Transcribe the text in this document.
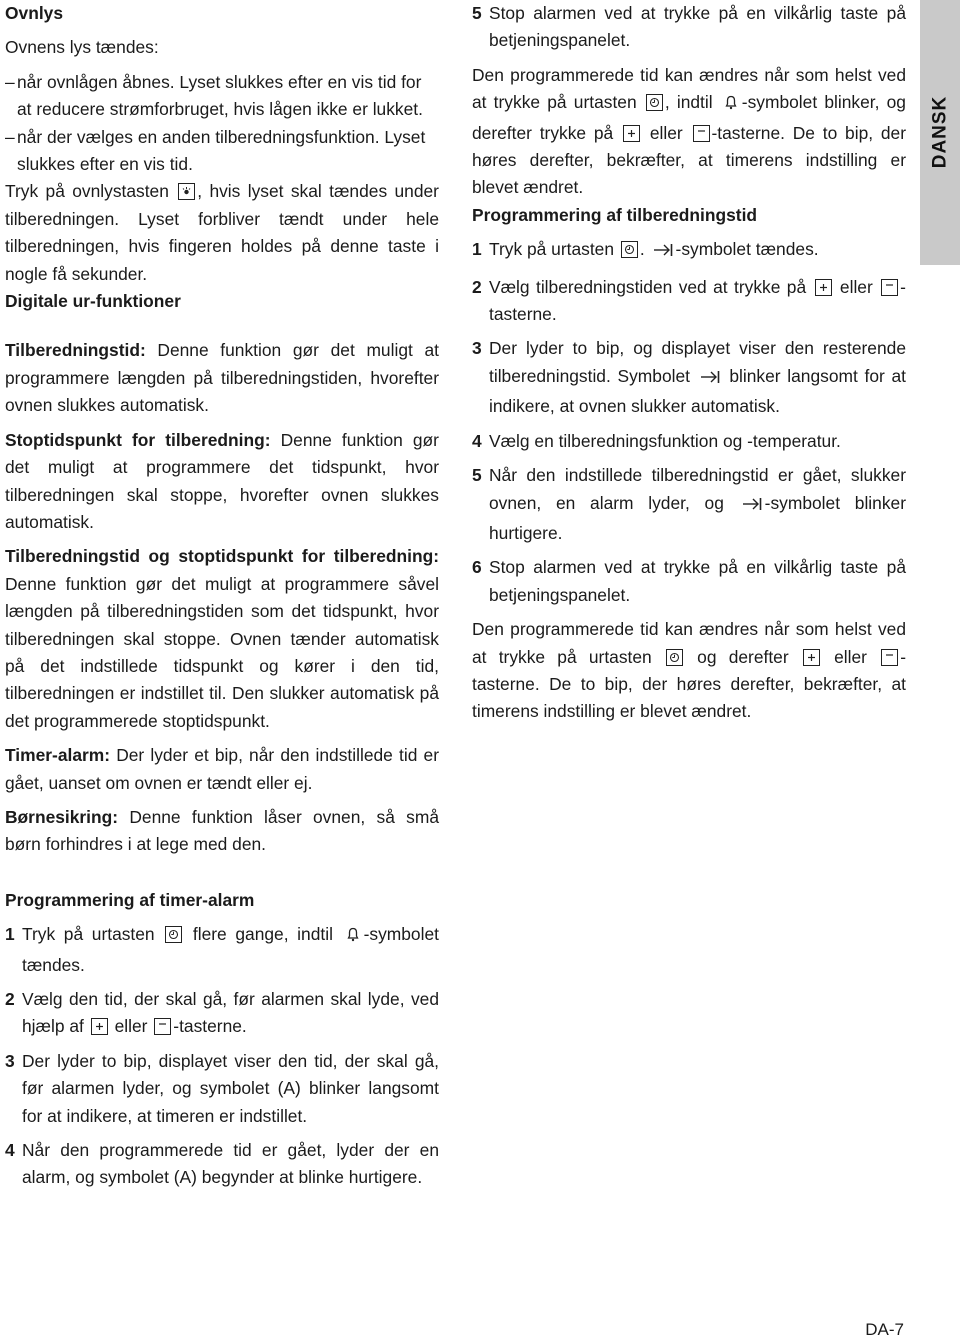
Ovnlys

Ovnens lys tændes:

– når ovnlågen åbnes. Lyset slukkes efter en vis tid for at reducere strømforbruget, hvis lågen ikke er lukket.
– når der vælges en anden tilberedningsfunktion. Lyset slukkes efter en vis tid.

Tryk på ovnlystasten , hvis lyset skal tændes under tilberedningen. Lyset forbliver tændt under hele tilberedningen, hvis fingeren holdes på denne taste i nogle få sekunder.

Digitale ur-funktioner

Tilberedningstid: Denne funktion gør det muligt at programmere længden på tilberedningstiden, hvorefter ovnen slukkes automatisk.

Stoptidspunkt for tilberedning: Denne funktion gør det muligt at programmere det tidspunkt, hvor tilberedningen skal stoppe, hvorefter ovnen slukkes automatisk.

Tilberedningstid og stoptidspunkt for tilberedning: Denne funktion gør det muligt at programmere såvel længden på tilberedningstiden som det tidspunkt, hvor tilberedningen skal stoppe. Ovnen tænder automatisk på det indstillede tidspunkt og kører i den tid, tilberedningen er indstillet til. Den slukker automatisk på det programmerede stoptidspunkt.

Timer-alarm: Der lyder et bip, når den indstillede tid er gået, uanset om ovnen er tændt eller ej.

Børnesikring: Denne funktion låser ovnen, så små børn forhindres i at lege med den.

Programmering af timer-alarm

1 Tryk på urtasten flere gange, indtil -symbolet tændes.
2 Vælg den tid, der skal gå, før alarmen skal lyde, ved hjælp af eller -tasterne.
3 Der lyder to bip, displayet viser den tid, der skal gå, før alarmen lyder, og symbolet (A) blinker langsomt for at indikere, at timeren er indstillet.
4 Når den programmerede tid er gået, lyder der en alarm, og symbolet (A) begynder at blinke hurtigere.
5 Stop alarmen ved at trykke på en vilkårlig taste på betjeningspanelet.

Den programmerede tid kan ændres når som helst ved at trykke på urtasten , indtil -symbolet blinker, og derefter trykke på eller -tasterne. De to bip, der høres derefter, bekræfter, at timerens indstilling er blevet ændret.

Programmering af tilberedningstid

1 Tryk på urtasten . -symbolet tændes.
2 Vælg tilberedningstiden ved at trykke på eller -tasterne.
3 Der lyder to bip, og displayet viser den resterende tilberedningstid. Symbolet blinker langsomt for at indikere, at ovnen slukker automatisk.
4 Vælg en tilberedningsfunktion og -temperatur.
5 Når den indstillede tilberedningstid er gået, slukker ovnen, en alarm lyder, og -symbolet blinker hurtigere.
6 Stop alarmen ved at trykke på en vilkårlig taste på betjeningspanelet.

Den programmerede tid kan ændres når som helst ved at trykke på urtasten	og derefter	eller -tasterne. De to bip, der høres derefter, bekræfter, at timerens indstilling er blevet ændret.

DANSK
DA-7
